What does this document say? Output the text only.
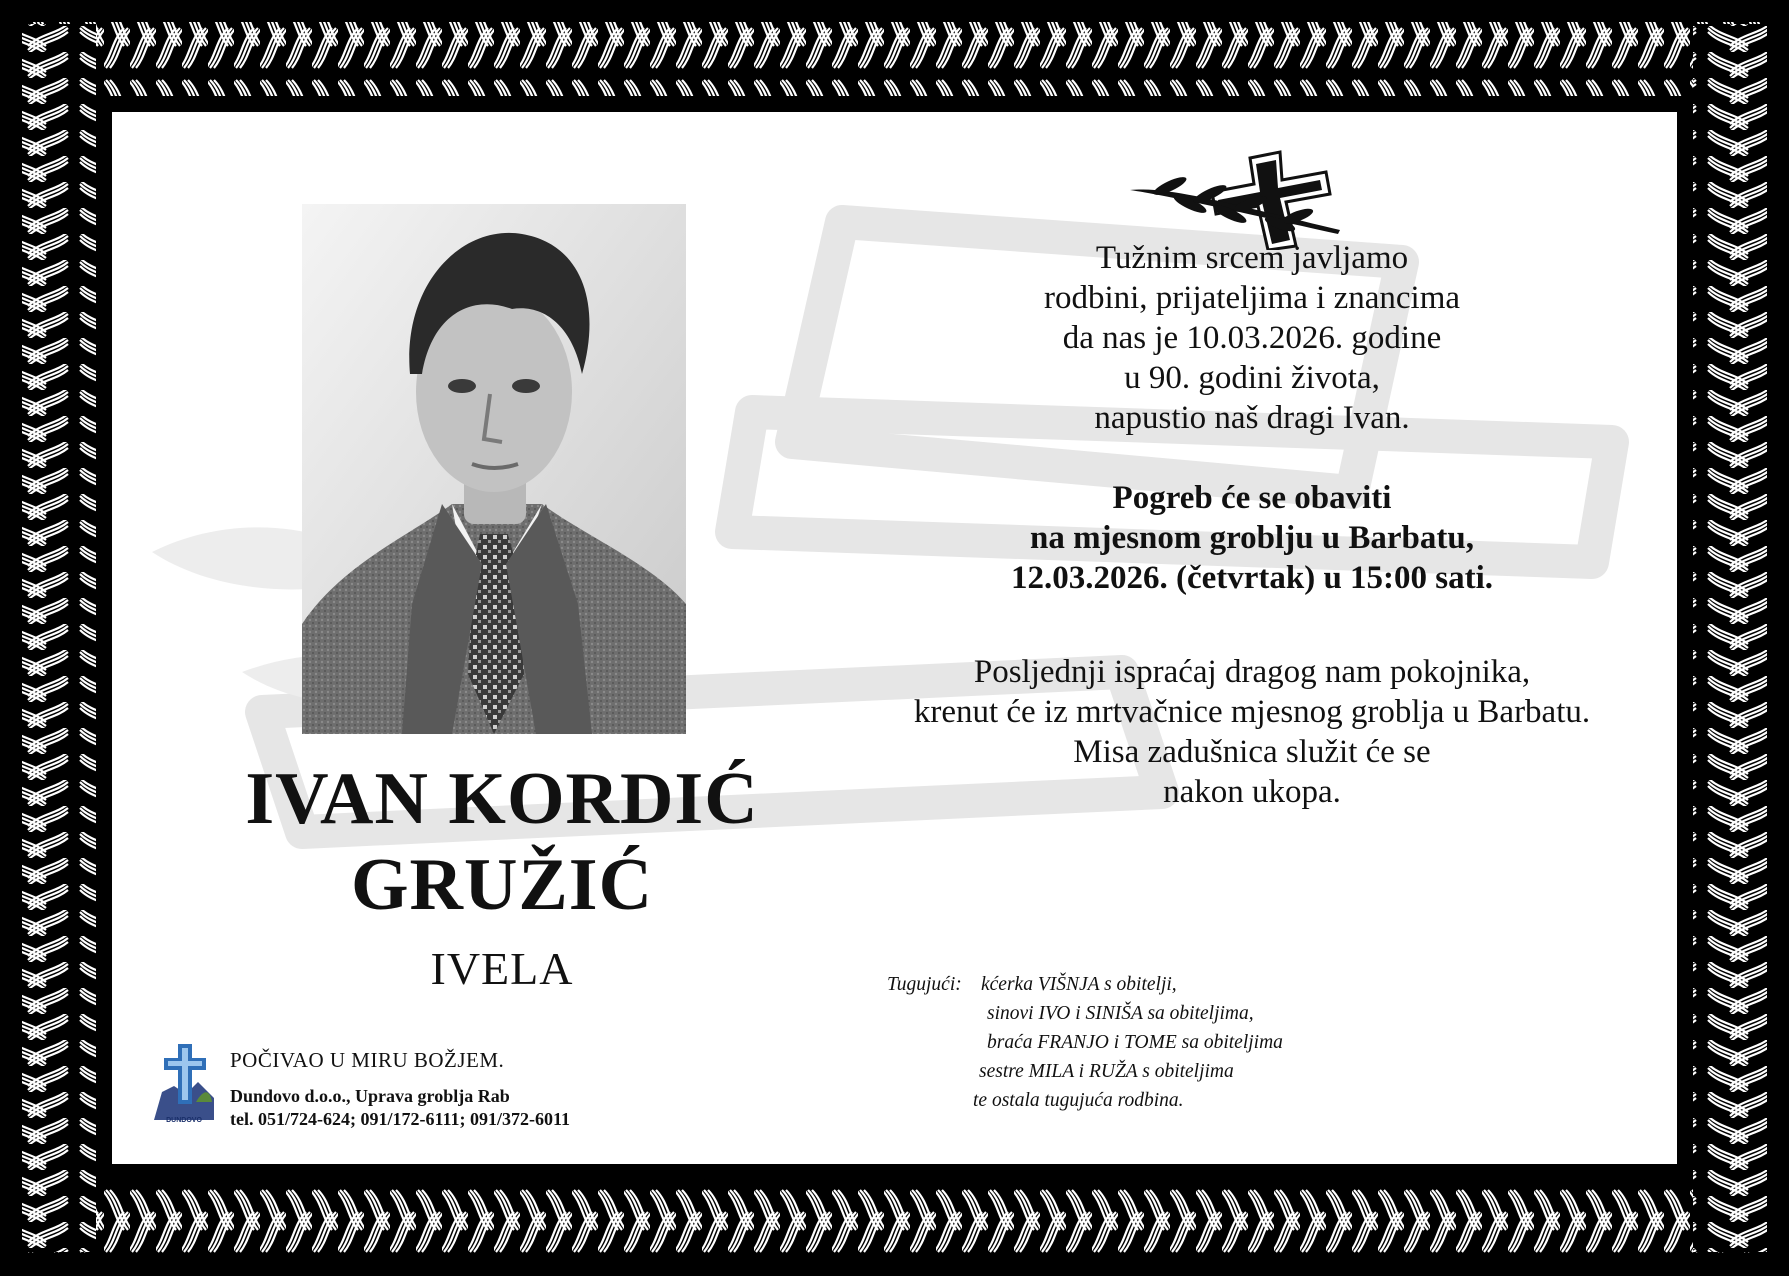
IVAN KORDIĆ
GRUŽIĆ
IVELA
Tužnim srcem javljamo
rodbini, prijateljima i znancima
da nas je 10.03.2026. godine
u 90. godini života,
napustio naš dragi Ivan.
Pogreb će se obaviti
na mjesnom groblju u Barbatu,
12.03.2026. (četvrtak) u 15:00 sati.
Posljednji ispraćaj dragog nam pokojnika,
krenut će iz mrtvačnice mjesnog groblja u Barbatu.
Misa zadušnica služit će se
nakon ukopa.
Tugujući: kćerka VIŠNJA s obitelji,
sinovi IVO i SINIŠA sa obiteljima,
braća FRANJO i TOME sa obiteljima
sestre MILA i RUŽA s obiteljima
te ostala tugujuća rodbina.
DUNDOVO
POČIVAO U MIRU BOŽJEM.
Dundovo d.o.o., Uprava groblja Rab
tel. 051/724-624; 091/172-6111; 091/372-6011
